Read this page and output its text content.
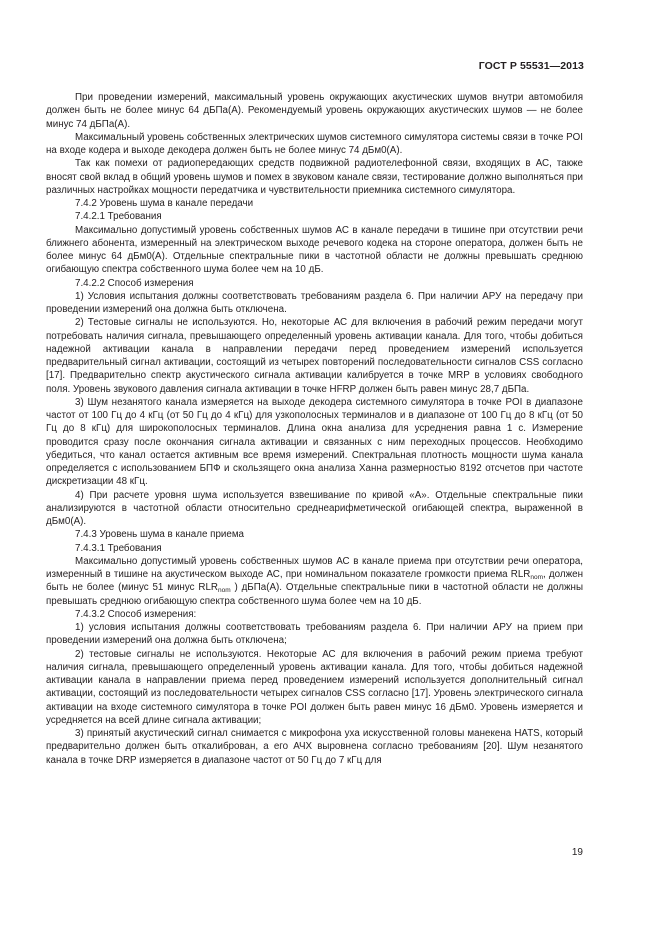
ГОСТ Р 55531—2013

При проведении измерений, максимальный уровень окружающих акустических шумов внутри автомобиля должен быть не более минус 64 дБПа(А). Рекомендуемый уровень окружающих акустических шумов — не более минус 74 дБПа(А).

Максимальный уровень собственных электрических шумов системного симулятора системы связи в точке POI на входе кодера и выходе декодера должен быть не более минус 74 дБм0(А).

Так как помехи от радиопередающих средств подвижной радиотелефонной связи, входящих в АС, также вносят свой вклад в общий уровень шумов и помех в звуковом канале связи, тестирование должно выполняться при различных настройках мощности передатчика и чувствительности приемника системного симулятора.

7.4.2 Уровень шума в канале передачи

7.4.2.1 Требования

Максимально допустимый уровень собственных шумов АС в канале передачи в тишине при отсутствии речи ближнего абонента, измеренный на электрическом выходе речевого кодека на стороне оператора, должен быть не более минус 64 дБм0(А). Отдельные спектральные пики в частотной области не должны превышать среднюю огибающую спектра собственного шума более чем на 10 дБ.

7.4.2.2 Способ измерения

1) Условия испытания должны соответствовать требованиям раздела 6. При наличии АРУ на передачу при проведении измерений она должна быть отключена.

2) Тестовые сигналы не используются. Но, некоторые АС для включения в рабочий режим передачи могут потребовать наличия сигнала, превышающего определенный уровень активации канала. Для того, чтобы добиться надежной активации канала в направлении передачи перед проведением измерений используется предварительный сигнал активации, состоящий из четырех повторений последовательности сигналов CSS согласно [17]. Предварительно спектр акустического сигнала активации калибруется в точке MRP в условиях свободного поля. Уровень звукового давления сигнала активации в точке HFRP должен быть равен минус 28,7 дБПа.

3) Шум незанятого канала измеряется на выходе декодера системного симулятора в точке POI в диапазоне частот от 100 Гц до 4 кГц (от 50 Гц до 4 кГц) для узкополосных терминалов и в диапазоне от 100 Гц до 8 кГц (от 50 Гц до 8 кГц) для широкополосных терминалов. Длина окна анализа для усреднения равна 1 с. Измерение проводится сразу после окончания сигнала активации и связанных с ним переходных процессов. Необходимо убедиться, что канал остается активным все время измерений. Спектральная плотность мощности шума канала определяется с использованием БПФ и скользящего окна анализа Ханна размерностью 8192 отсчетов при частоте дискретизации 48 кГц.

4) При расчете уровня шума используется взвешивание по кривой «А». Отдельные спектральные пики анализируются в частотной области относительно среднеарифметической огибающей спектра, выраженной в дБм0(А).

7.4.3 Уровень шума в канале приема

7.4.3.1 Требования

Максимально допустимый уровень собственных шумов АС в канале приема при отсутствии речи оператора, измеренный в тишине на акустическом выходе АС, при номинальном показателе громкости приема $RLR_{nom}$, должен быть не более (минус 51 минус $RLR_{nom}$ ) дБПа(А). Отдельные спектральные пики в частотной области не должны превышать среднюю огибающую спектра собственного шума более чем на 10 дБ.

7.4.3.2 Способ измерения:

1) условия испытания должны соответствовать требованиям раздела 6. При наличии АРУ на прием при проведении измерений она должна быть отключена;

2) тестовые сигналы не используются. Некоторые АС для включения в рабочий режим приема требуют наличия сигнала, превышающего определенный уровень активации канала. Для того, чтобы добиться надежной активации канала в направлении приема перед проведением измерений используется дополнительный сигнал активации, состоящий из последовательности четырех сигналов CSS согласно [17]. Уровень электрического сигнала активации на входе системного симулятора в точке POI должен быть равен минус 16 дБм0. Уровень измеряется и усредняется на всей длине сигнала активации;

3) принятый акустический сигнал снимается с микрофона уха искусственной головы манекена HATS, который предварительно должен быть откалиброван, а его АЧХ выровнена согласно требованиям [20]. Шум незанятого канала в точке DRP измеряется в диапазоне частот от 50 Гц до 7 кГц для

19
